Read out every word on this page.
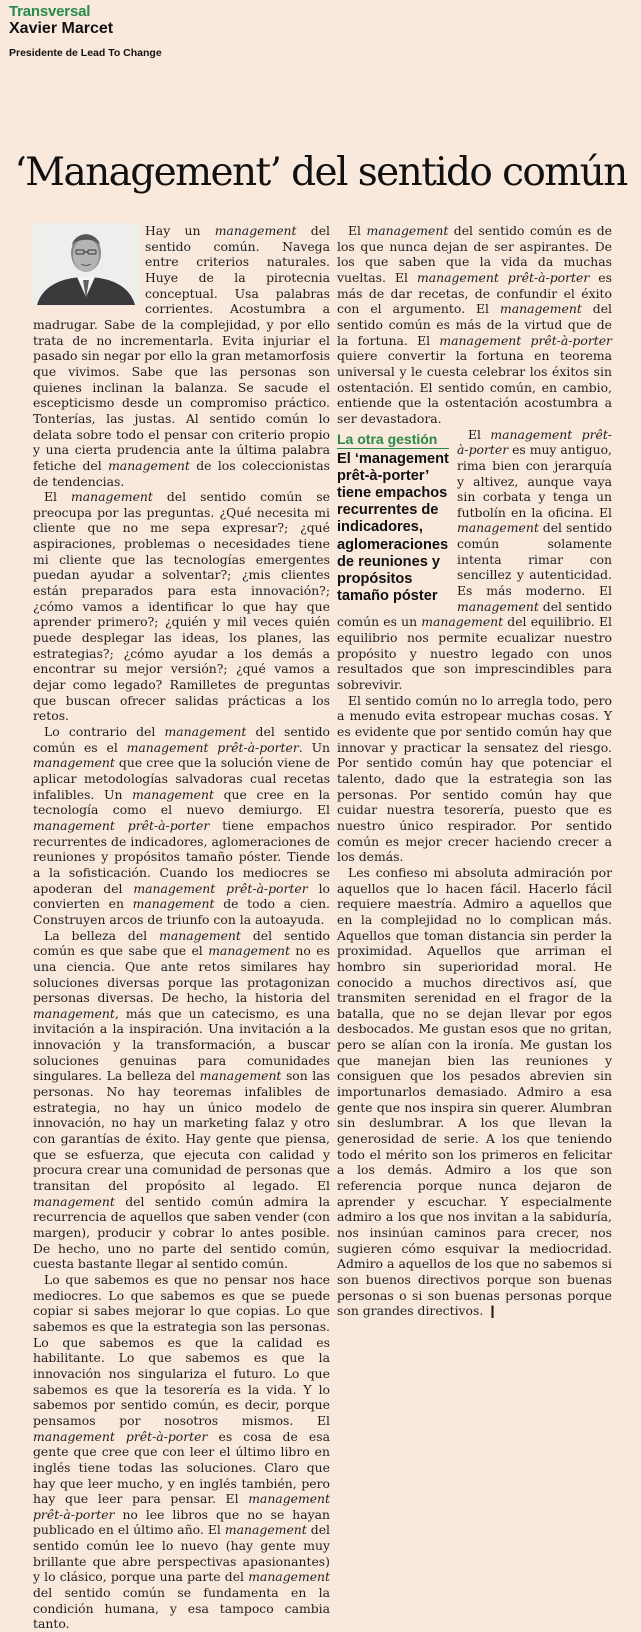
Transversal
Xavier Marcet
Presidente de Lead To Change
‘Management’ del sentido común

Hay un management del sentido común. Navega entre criterios naturales. Huye de la pirotecnia conceptual. Usa palabras corrientes. Acostumbra a madrugar. Sabe de la complejidad, y por ello trata de no incrementarla. Evita injuriar el pasado sin negar por ello la gran metamorfosis que vivimos. Sabe que las personas son quienes inclinan la balanza. Se sacude el escepticismo desde un compromiso práctico. Tonterías, las justas. Al sentido común lo delata sobre todo el pensar con criterio propio y una cierta prudencia ante la última palabra fetiche del management de los coleccionistas de tendencias.

El management del sentido común se preocupa por las preguntas. ¿Qué necesita mi cliente que no me sepa expresar?; ¿qué aspiraciones, problemas o necesidades tiene mi cliente que las tecnologías emergentes puedan ayudar a solventar?; ¿mis clientes están preparados para esta innovación?; ¿cómo vamos a identificar lo que hay que aprender primero?; ¿quién y mil veces quién puede desplegar las ideas, los planes, las estrategias?; ¿cómo ayudar a los demás a encontrar su mejor versión?; ¿qué vamos a dejar como legado? Ramilletes de preguntas que buscan ofrecer salidas prácticas a los retos.

Lo contrario del management del sentido común es el management prêt-à-porter. Un management que cree que la solución viene de aplicar metodologías salvadoras cual recetas infalibles. Un management que cree en la tecnología como el nuevo demiurgo. El management prêt-à-porter tiene empachos recurrentes de indicadores, aglomeraciones de reuniones y propósitos tamaño póster. Tiende a la sofisticación. Cuando los mediocres se apoderan del management prêt-à-porter lo convierten en management de todo a cien. Construyen arcos de triunfo con la autoayuda.

La belleza del management del sentido común es que sabe que el management no es una ciencia. Que ante retos similares hay soluciones diversas porque las protagonizan personas diversas. De hecho, la historia del management, más que un catecismo, es una invitación a la inspiración. Una invitación a la innovación y la transformación, a buscar soluciones genuinas para comunidades singulares. La belleza del management son las personas. No hay teoremas infalibles de estrategia, no hay un único modelo de innovación, no hay un marketing falaz y otro con garantías de éxito. Hay gente que piensa, que se esfuerza, que ejecuta con calidad y procura crear una comunidad de personas que transitan del propósito al legado. El management del sentido común admira la recurrencia de aquellos que saben vender (con margen), producir y cobrar lo antes posible. De hecho, uno no parte del sentido común, cuesta bastante llegar al sentido común.

Lo que sabemos es que no pensar nos hace mediocres. Lo que sabemos es que se puede copiar si sabes mejorar lo que copias. Lo que sabemos es que la estrategia son las personas. Lo que sabemos es que la calidad es habilitante. Lo que sabemos es que la innovación nos singulariza el futuro. Lo que sabemos es que la tesorería es la vida. Y lo sabemos por sentido común, es decir, porque pensamos por nosotros mismos. El management prêt-à-porter es cosa de esa gente que cree que con leer el último libro en inglés tiene todas las soluciones. Claro que hay que leer mucho, y en inglés también, pero hay que leer para pensar. El management prêt-à-porter no lee libros que no se hayan publicado en el último año. El management del sentido común lee lo nuevo (hay gente muy brillante que abre perspectivas apasionantes) y lo clásico, porque una parte del management del sentido común se fundamenta en la condición humana, y esa tampoco cambia tanto.

El management del sentido común es de los que nunca dejan de ser aspirantes. De los que saben que la vida da muchas vueltas. El management prêt-à-porter es más de dar recetas, de confundir el éxito con el argumento. El management del sentido común es más de la virtud que de la fortuna. El management prêt-à-porter quiere convertir la fortuna en teorema universal y le cuesta celebrar los éxitos sin ostentación. El sentido común, en cambio, entiende que la ostentación acostumbra a ser devastadora.

La otra gestión
El ‘management prêt-à-porter’ tiene empachos recurrentes de indicadores, aglomeraciones de reuniones y propósitos tamaño póster

El management prêt-à-porter es muy antiguo, rima bien con jerarquía y altivez, aunque vaya sin corbata y tenga un futbolín en la oficina. El management del sentido común solamente intenta rimar con sencillez y autenticidad. Es más moderno. El management del sentido común es un management del equilibrio. El equilibrio nos permite ecualizar nuestro propósito y nuestro legado con unos resultados que son imprescindibles para sobrevivir.

El sentido común no lo arregla todo, pero a menudo evita estropear muchas cosas. Y es evidente que por sentido común hay que innovar y practicar la sensatez del riesgo. Por sentido común hay que potenciar el talento, dado que la estrategia son las personas. Por sentido común hay que cuidar nuestra tesorería, puesto que es nuestro único respirador. Por sentido común es mejor crecer haciendo crecer a los demás.

Les confieso mi absoluta admiración por aquellos que lo hacen fácil. Hacerlo fácil requiere maestría. Admiro a aquellos que en la complejidad no lo complican más. Aquellos que toman distancia sin perder la proximidad. Aquellos que arriman el hombro sin superioridad moral. He conocido a muchos directivos así, que transmiten serenidad en el fragor de la batalla, que no se dejan llevar por egos desbocados. Me gustan esos que no gritan, pero se alían con la ironía. Me gustan los que manejan bien las reuniones y consiguen que los pesados abrevien sin importunarlos demasiado. Admiro a esa gente que nos inspira sin querer. Alumbran sin deslumbrar. A los que llevan la generosidad de serie. A los que teniendo todo el mérito son los primeros en felicitar a los demás. Admiro a los que son referencia porque nunca dejaron de aprender y escuchar. Y especialmente admiro a los que nos invitan a la sabiduría, nos insinúan caminos para crecer, nos sugieren cómo esquivar la mediocridad. Admiro a aquellos de los que no sabemos si son buenos directivos porque son buenas personas o si son buenas personas porque son grandes directivos. ❙
